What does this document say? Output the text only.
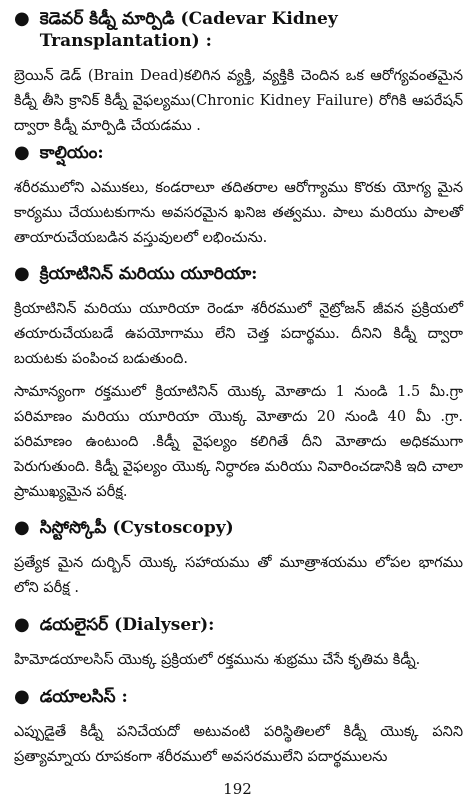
● కెడెవర్ కిడ్నీ మార్పిడి (Cadevar Kidney Transplantation) :

బ్రెయిన్ డెడ్ (Brain Dead)కలిగిన వ్యక్తి, వ్యక్తికి చెందిన ఒక ఆరోగ్యవంతమైన కిడ్నీ తీసి క్రానిక్ కిడ్నీ వైఫల్యము(Chronic Kidney Failure) రోగికి ఆపరేషన్ ద్వారా కిడ్నీ మార్పిడి చేయడము .

● కాల్షియం:

శరీరములోని ఎముకలు, కండరాలూ తదితరాల ఆరోగ్యాము కొరకు యోగ్య మైన కార్యము చేయుటకుగాను అవసరమైన ఖనిజ తత్వము. పాలు మరియు పాలతో తాయారుచేయబడిన వస్తువులలో లభించును.

● క్రియాటినిన్ మరియు యూరియా:

క్రియాటినిన్ మరియు యూరియా రెండూ శరీరములో నైట్రోజన్ జీవన ప్రక్రియలో తయారుచేయబడే ఉపయోగాము లేని చెత్త పదార్థము. దీనిని కిడ్నీ ద్వారా బయటకు పంపించ బడుతుంది.

సామాన్యంగా రక్తములో క్రియాటినిన్ యొక్క మోతాదు 1 నుండి 1.5 మీ.గ్రా పరిమాణం మరియు యూరియా యొక్క మోతాదు 20 నుండి 40 మీ .గ్రా. పరిమాణం ఉంటుంది .కిడ్నీ వైఫల్యం కలిగితే దీని మోతాదు అధికముగా పెరుగుతుంది. కిడ్నీ వైఫల్యం యొక్క నిర్ధారణ మరియు నివారించడానికి ఇది చాలా ప్రాముఖ్యమైన పరీక్ష.

● సిస్టోస్కోపీ (Cystoscopy)

ప్రత్యేక మైన దుర్బిన్ యొక్క సహాయము తో మూత్రాశయము లోపల భాగము లోని పరీక్ష .

● డయలైసర్ (Dialyser):

హిమోడయాలసిస్ యొక్క ప్రక్రియలో రక్తమును శుభ్రము చేసే కృతిమ కిడ్నీ.

● డయాలసిస్ :

ఎప్పుడైతే కిడ్నీ పనిచేయదో అటువంటి పరిస్థితిలలో కిడ్నీ యొక్క పనిని ప్రత్యామ్నాయ రూపకంగా శరీరములో అవసరములేని పదార్థములను

192
